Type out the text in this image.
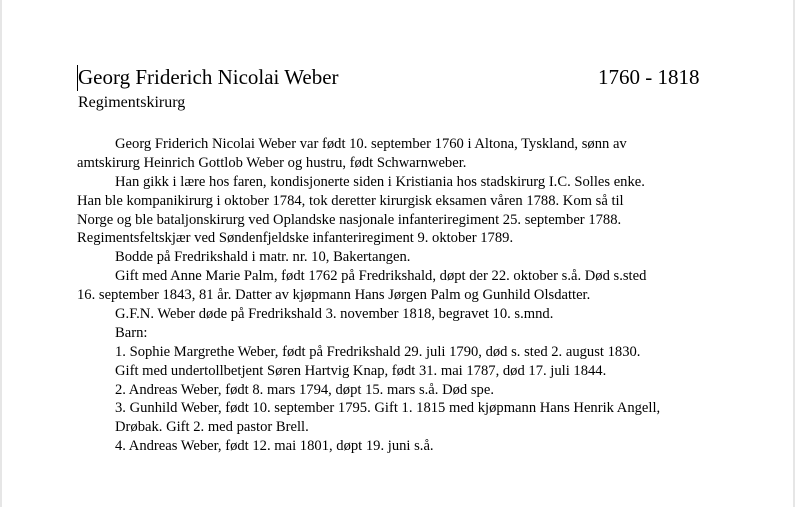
Georg Friderich Nicolai Weber	1760 - 1818
Regimentskirurg
Georg Friderich Nicolai Weber var født 10. september 1760 i Altona, Tyskland, sønn av
amtskirurg Heinrich Gottlob Weber og hustru, født Schwarnweber.
Han gikk i lære hos faren, kondisjonerte siden i Kristiania hos stadskirurg I.C. Solles enke.
Han ble kompanikirurg i oktober 1784, tok deretter kirurgisk eksamen våren 1788. Kom så til
Norge og ble bataljonskirurg ved Oplandske nasjonale infanteriregiment 25. september 1788.
Regimentsfeltskjær ved Søndenfjeldske infanteriregiment 9. oktober 1789.
Bodde på Fredrikshald i matr. nr. 10, Bakertangen.
Gift med Anne Marie Palm, født 1762 på Fredrikshald, døpt der 22. oktober s.å. Død s.sted
16. september 1843, 81 år. Datter av kjøpmann Hans Jørgen Palm og Gunhild Olsdatter.
G.F.N. Weber døde på Fredrikshald 3. november 1818, begravet 10. s.mnd.
Barn:
1. Sophie Margrethe Weber, født på Fredrikshald 29. juli 1790, død s. sted 2. august 1830.
Gift med undertollbetjent Søren Hartvig Knap, født 31. mai 1787, død 17. juli 1844.
2. Andreas Weber, født 8. mars 1794, døpt 15. mars s.å. Død spe.
3. Gunhild Weber, født 10. september 1795. Gift 1. 1815 med kjøpmann Hans Henrik Angell,
Drøbak. Gift 2. med pastor Brell.
4. Andreas Weber, født 12. mai 1801, døpt 19. juni s.å.
